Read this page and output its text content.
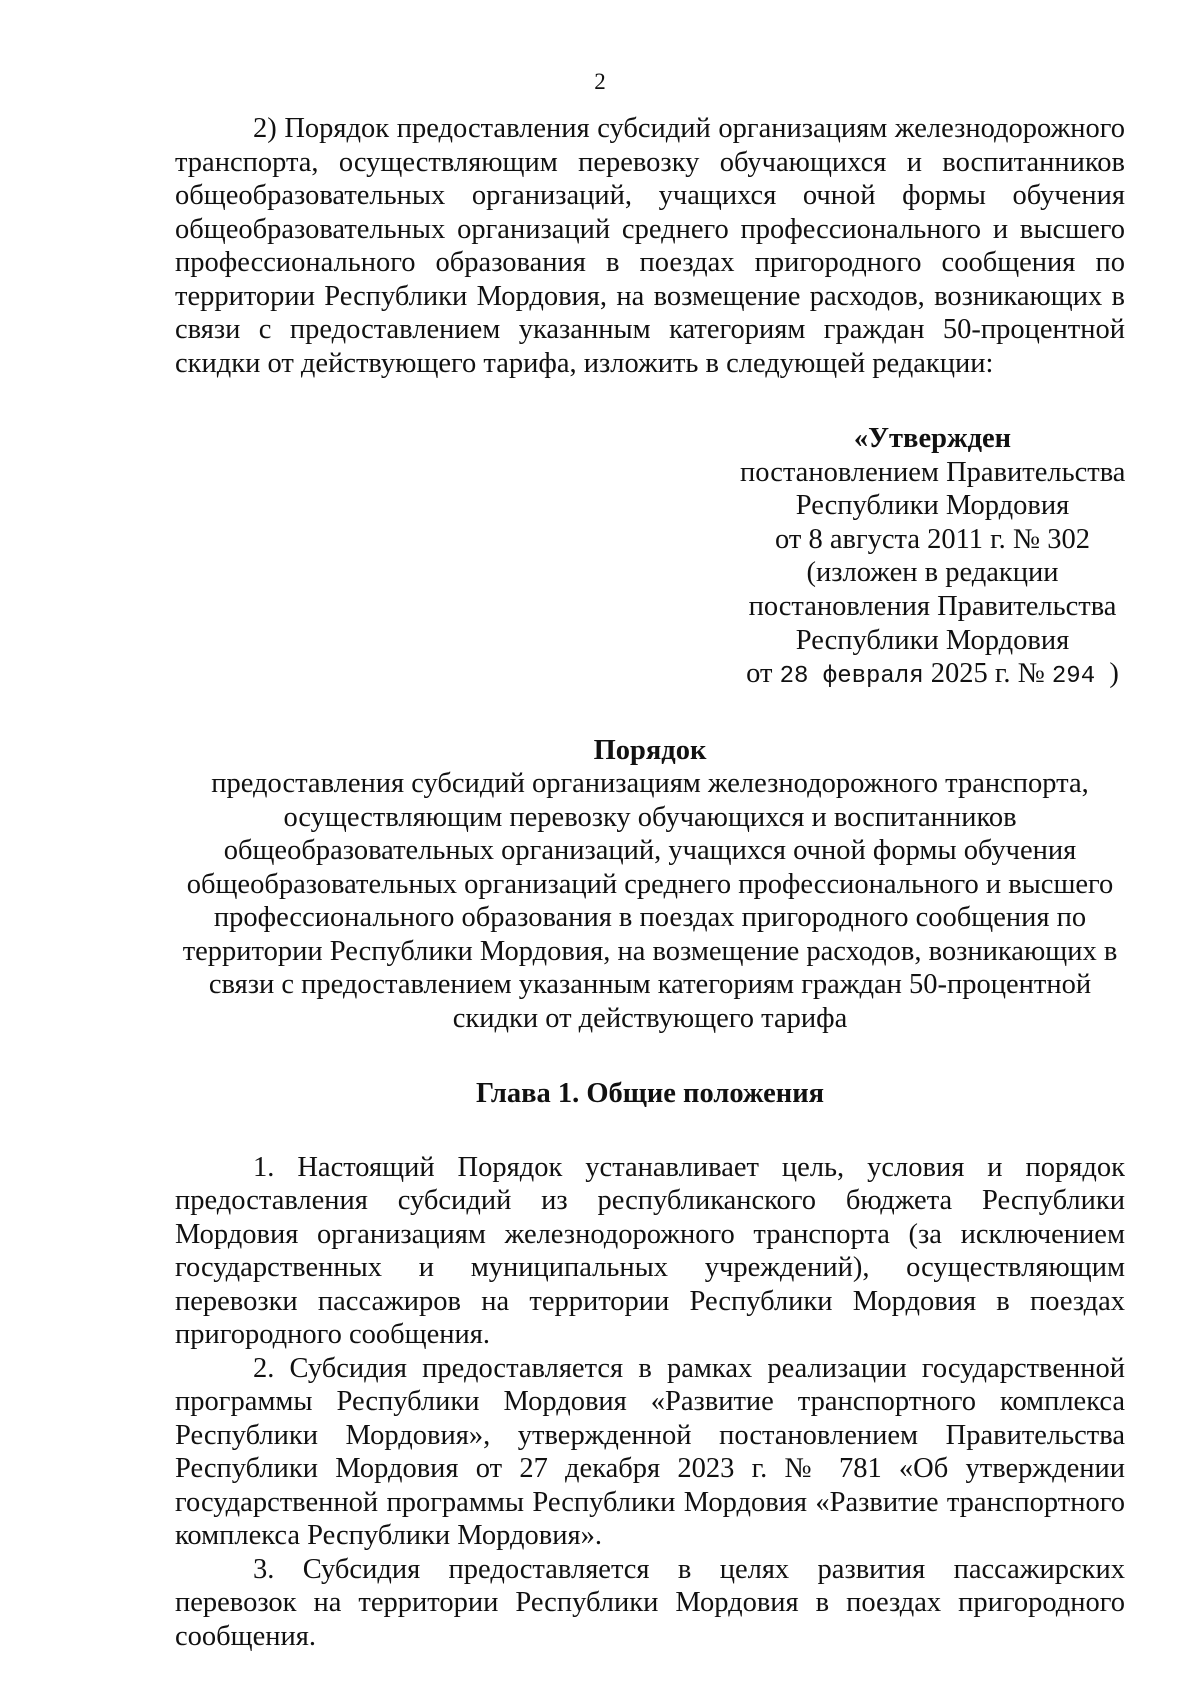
2

2) Порядок предоставления субсидий организациям железнодорожного транспорта, осуществляющим перевозку обучающихся и воспитанников общеобразовательных организаций, учащихся очной формы обучения общеобразовательных организаций среднего профессионального и высшего профессионального образования в поездах пригородного сообщения по территории Республики Мордовия, на возмещение расходов, возникающих в связи с предоставлением указанным категориям граждан 50-процентной скидки от действующего тарифа, изложить в следующей редакции:

«Утвержден
постановлением Правительства
Республики Мордовия
от 8 августа 2011 г. № 302
(изложен в редакции
постановления Правительства
Республики Мордовия
от 28 февраля 2025 г. № 294 )
Порядок
предоставления субсидий организациям железнодорожного транспорта,
осуществляющим перевозку обучающихся и воспитанников
общеобразовательных организаций, учащихся очной формы обучения
общеобразовательных организаций среднего профессионального и высшего
профессионального образования в поездах пригородного сообщения по
территории Республики Мордовия, на возмещение расходов, возникающих в
связи с предоставлением указанным категориям граждан 50-процентной
скидки от действующего тарифа
Глава 1. Общие положения

1. Настоящий Порядок устанавливает цель, условия и порядок предоставления субсидий из республиканского бюджета Республики Мордовия организациям железнодорожного транспорта (за исключением государственных и муниципальных учреждений), осуществляющим перевозки пассажиров на территории Республики Мордовия в поездах пригородного сообщения.

2. Субсидия предоставляется в рамках реализации государственной программы Республики Мордовия «Развитие транспортного комплекса Республики Мордовия», утвержденной постановлением Правительства Республики Мордовия от 27 декабря 2023 г. № 781 «Об утверждении государственной программы Республики Мордовия «Развитие транспортного комплекса Республики Мордовия».

3. Субсидия предоставляется в целях развития пассажирских перевозок на территории Республики Мордовия в поездах пригородного сообщения.
